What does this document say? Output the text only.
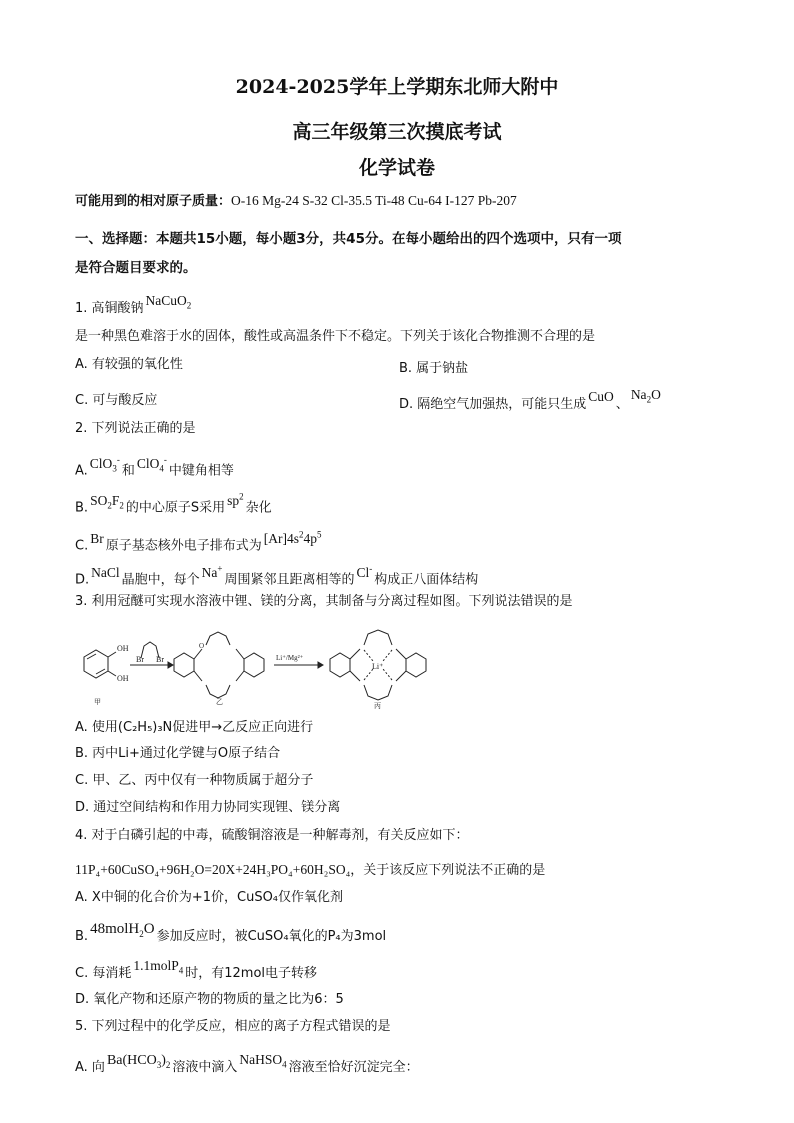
2024-2025学年上学期东北师大附中
高三年级第三次摸底考试
化学试卷
可能用到的相对原子质量：O-16 Mg-24 S-32 Cl-35.5 Ti-48 Cu-64 I-127 Pb-207
一、选择题：本题共15小题，每小题3分，共45分。在每小题给出的四个选项中，只有一项
是符合题目要求的。
1. 高铜酸钠NaCuO$_2$
是一种黑色难溶于水的固体，酸性或高温条件下不稳定。下列关于该化合物推测不合理的是
A. 有较强的氧化性	B. 属于钠盐
C. 可与酸反应	D. 隔绝空气加强热，可能只生成CuO、$Na_2O$
2. 下列说法正确的是
A.ClO$_3$-和ClO$_4$-中键角相等
$B.SO_2F_2$ 的中心原子S采用$sp^2$杂化
C.Br原子基态核外电子排布式为$[Ar]4s^24p^5$
D.NaCl晶胞中，每个Na+周围紧邻且距离相等的Cl-构成正八面体结构
3. 利用冠醚可实现水溶液中锂、镁的分离，其制备与分离过程如图。下列说法错误的是
OH
OH
Br Br	Li⁺/Mg²⁺
Li⁺
O
甲	乙	丙
A. 使用(C₂H₅)₃N促进甲→乙反应正向进行
B. 丙中Li+通过化学键与O原子结合
C. 甲、乙、丙中仅有一种物质属于超分子
D. 通过空间结构和作用力协同实现锂、镁分离
4. 对于白磷引起的中毒，硫酸铜溶液是一种解毒剂，有关反应如下：
11P₄+60CuSO₄+96H₂O=20X+24H₃PO₄+60H₂SO₄，关于该反应下列说法不正确的是
A. X中铜的化合价为+1价，CuSO₄仅作氧化剂
B. 48molH$_2$O 参加反应时，被CuSO₄氧化的P₄为3mol
C. 每消耗1.1molP$_4$ 时，有12mol电子转移
D. 氧化产物和还原产物的物质的量之比为6：5
5. 下列过程中的化学反应，相应的离子方程式错误的是
A. 向 $Ba(HCO_3)_2$ 溶液中滴入NaHSO$_4$ 溶液至恰好沉淀完全：
